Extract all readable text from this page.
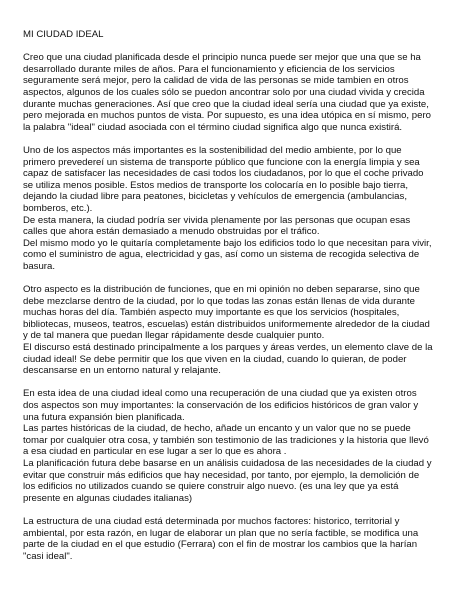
MI CIUDAD IDEAL

Creo que una ciudad planificada desde el principio nunca puede ser mejor que una que se ha desarrollado durante miles de años. Para el funcionamiento y eficiencia de los servicios seguramente será mejor, pero la calidad de vida de las personas se mide tambien en otros aspectos, algunos de los cuales sólo se puedon ancontrar solo por una ciudad vivida y crecida durante muchas generaciones. Así que creo que la ciudad ideal sería una ciudad que ya existe, pero mejorada en muchos puntos de vista. Por supuesto, es una idea utópica en sí mismo, pero la palabra "ideal" ciudad asociada con el término ciudad significa algo que nunca existirá.

Uno de los aspectos más importantes es la sostenibilidad del medio ambiente, por lo que primero prevedereí un sistema de transporte público que funcione con la energía limpia y sea capaz de satisfacer las necesidades de casi todos los ciudadanos, por lo que el coche privado se utiliza menos posible. Estos medios de transporte los colocaría en lo posible bajo tierra, dejando la ciudad libre para peatones, bicicletas y vehículos de emergencia (ambulancias, bomberos, etc.).
De esta manera, la ciudad podría ser vivida plenamente por las personas que ocupan esas calles que ahora están demasiado a menudo obstruidas por el tráfico.
Del mismo modo yo le quitaría completamente bajo los edificios todo lo que necesitan para vivir, como el suministro de agua, electricidad y gas, así como un sistema de recogida selectiva de basura.

Otro aspecto es la distribución de funciones, que en mi opinión no deben separarse, sino que debe mezclarse dentro de la ciudad, por lo que todas las zonas están llenas de vida durante muchas horas del día. También aspecto muy importante es que los servicios (hospitales, bibliotecas, museos, teatros, escuelas) están distribuidos uniformemente alrededor de la ciudad y de tal manera que puedan llegar rápidamente desde cualquier punto.
El discurso está destinado principalmente a los parques y áreas verdes, un elemento clave de la ciudad ideal! Se debe permitir que los que viven en la ciudad, cuando lo quieran, de poder descansarse en un entorno natural y relajante.

En esta idea de una ciudad ideal como una recuperación de una ciudad que ya existen otros dos aspectos son muy importantes: la conservación de los edificios históricos de gran valor y una futura expansión bien planificada.
Las partes históricas de la ciudad, de hecho, añade un encanto y un valor que no se puede tomar por cualquier otra cosa, y también son testimonio de las tradiciones y la historia que llevó a esa ciudad en particular en ese lugar a ser lo que es ahora .
La planificación futura debe basarse en un análisis cuidadosa de las necesidades de la ciudad y evitar que construir más edificios que hay necesidad, por tanto, por ejemplo, la demolición de los edificios no utilizados cuando se quiere construir algo nuevo. (es una ley que ya está presente en algunas ciudades italianas)

La estructura de una ciudad está determinada por muchos factores: historico, territorial y ambiental, por esta razón, en lugar de elaborar un plan que no sería factible, se modifica una parte de la ciudad en el que estudio (Ferrara) con el fin de mostrar los cambios que la harían "casi ideal".
